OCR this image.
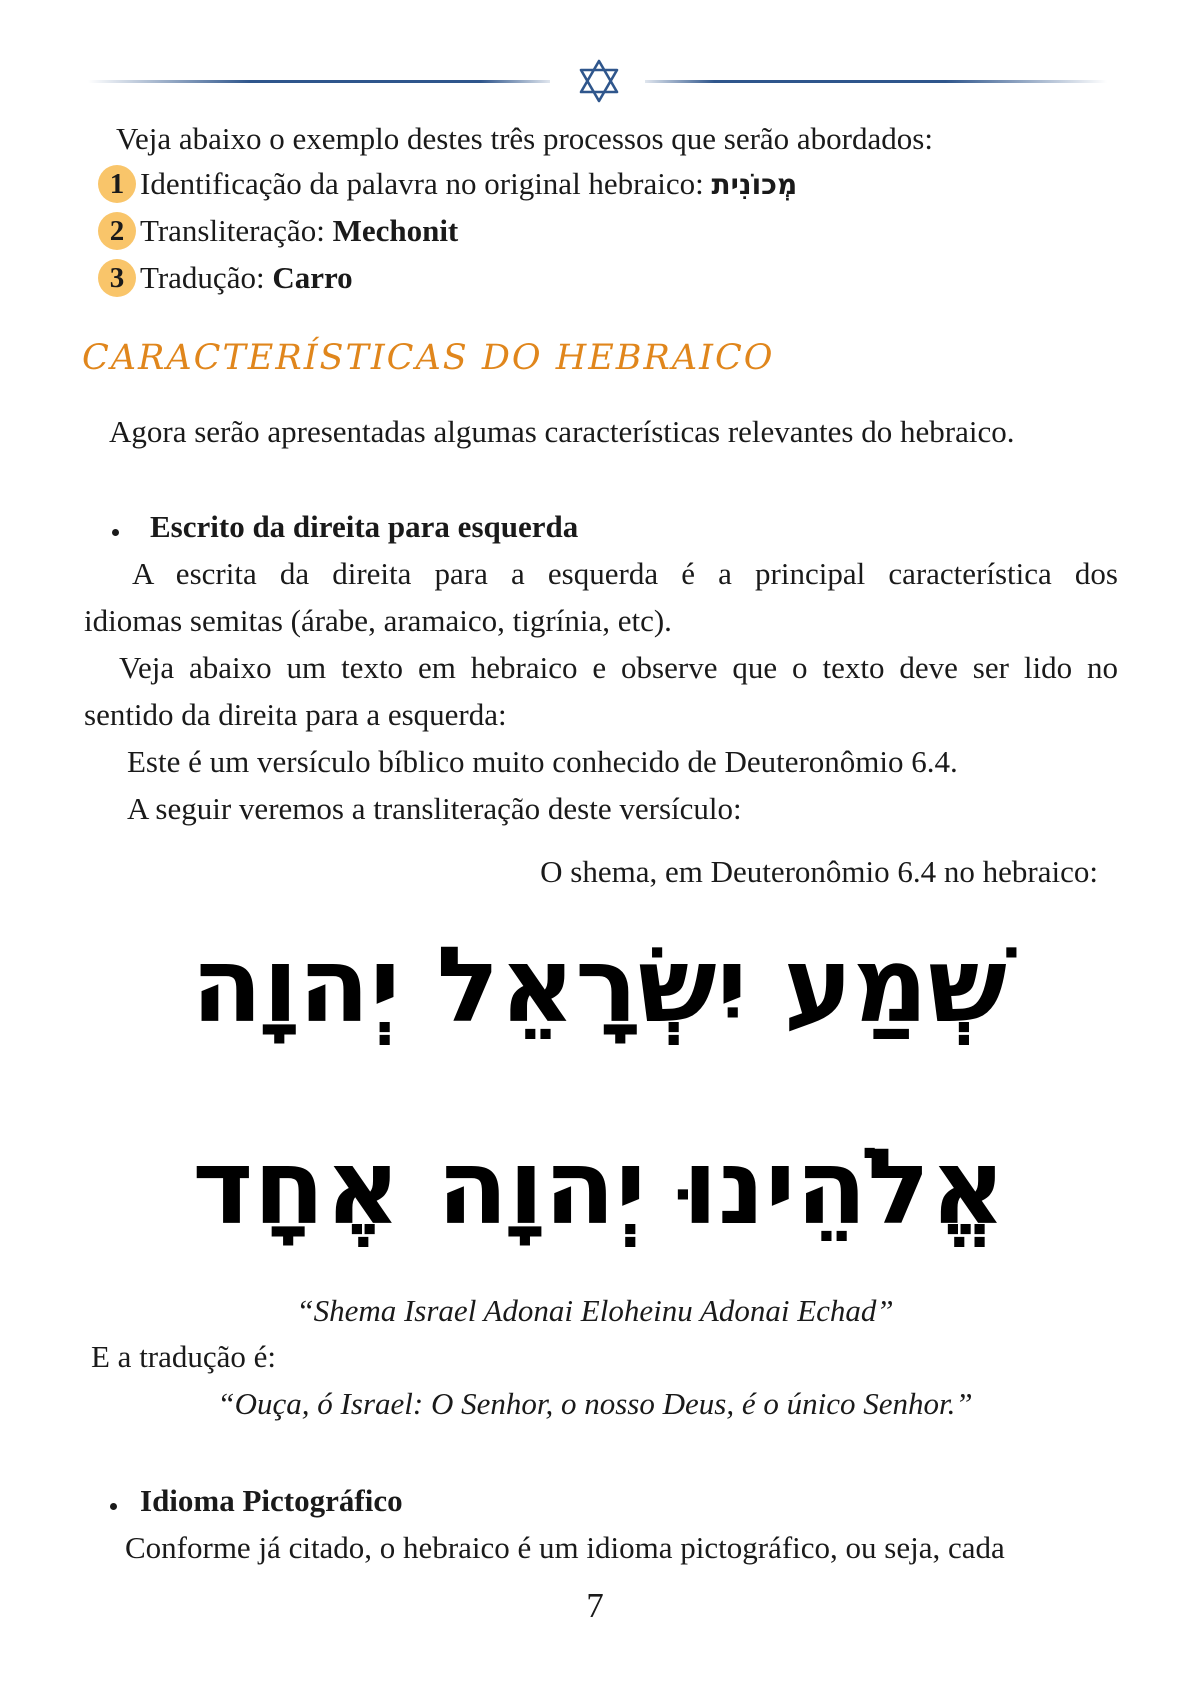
Veja abaixo o exemplo destes três processos que serão abordados:
1 Identificação da palavra no original hebraico: מְכוֹנִית
2 Transliteração: Mechonit
3 Tradução: Carro
CARACTERÍSTICAS DO HEBRAICO
Agora serão apresentadas algumas características relevantes do hebraico.
Escrito da direita para esquerda
A escrita da direita para a esquerda é a principal característica dos
idiomas semitas (árabe, aramaico, tigrínia, etc).
Veja abaixo um texto em hebraico e observe que o texto deve ser lido no
sentido da direita para a esquerda:
Este é um versículo bíblico muito conhecido de Deuteronômio 6.4.
A seguir veremos a transliteração deste versículo:
O shema, em Deuteronômio 6.4 no hebraico:
שְׁמַע יִשְׂרָאֵל יְהוָה
אֱלֹהֵינוּ יְהוָה אֶחָד
“Shema Israel Adonai Eloheinu Adonai Echad”
E a tradução é:
“Ouça, ó Israel: O Senhor, o nosso Deus, é o único Senhor.”
Idioma Pictográfico
Conforme já citado, o hebraico é um idioma pictográfico, ou seja, cada
7
